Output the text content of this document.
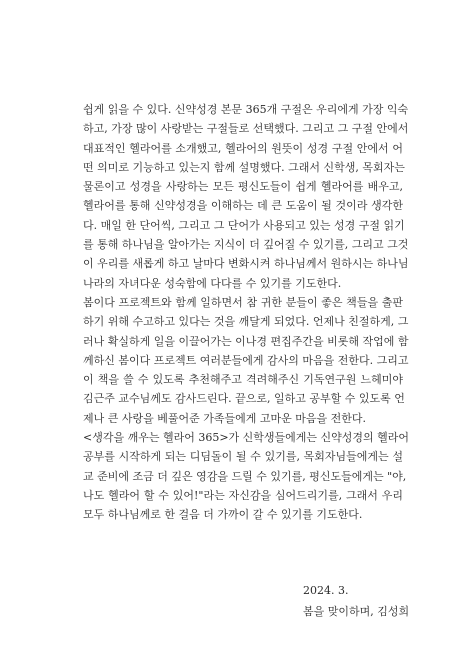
쉽게 읽을 수 있다. 신약성경 본문 365개 구절은 우리에게 가장 익숙
하고, 가장 많이 사랑받는 구절들로 선택했다. 그리고 그 구절 안에서
대표적인 헬라어를 소개했고, 헬라어의 원뜻이 성경 구절 안에서 어
떤 의미로 기능하고 있는지 함께 설명했다. 그래서 신학생, 목회자는
물론이고 성경을 사랑하는 모든 평신도들이 쉽게 헬라어를 배우고,
헬라어를 통해 신약성경을 이해하는 데 큰 도움이 될 것이라 생각한
다. 매일 한 단어씩, 그리고 그 단어가 사용되고 있는 성경 구절 읽기
를 통해 하나님을 알아가는 지식이 더 깊어질 수 있기를, 그리고 그것
이 우리를 새롭게 하고 날마다 변화시켜 하나님께서 원하시는 하나님
나라의 자녀다운 성숙함에 다다를 수 있기를 기도한다.
봄이다 프로젝트와 함께 일하면서 참 귀한 분들이 좋은 책들을 출판
하기 위해 수고하고 있다는 것을 깨달게 되었다. 언제나 친절하게, 그
러나 확실하게 일을 이끌어가는 이나경 편집주간을 비롯해 작업에 함
께하신 봄이다 프로젝트 여러분들에게 감사의 마음을 전한다. 그리고
이 책을 쓸 수 있도록 추천해주고 격려해주신 기독연구원 느헤미야
김근주 교수님께도 감사드린다. 끝으로, 일하고 공부할 수 있도록 언
제나 큰 사랑을 베풀어준 가족들에게 고마운 마음을 전한다.
<생각을 깨우는 헬라어 365>가 신학생들에게는 신약성경의 헬라어
공부를 시작하게 되는 디딤돌이 될 수 있기를, 목회자님들에게는 설
교 준비에 조금 더 깊은 영감을 드릴 수 있기를, 평신도들에게는 "야,
나도 헬라어 할 수 있어!"라는 자신감을 심어드리기를, 그래서 우리
모두 하나님께로 한 걸음 더 가까이 갈 수 있기를 기도한다.
2024. 3.
봄을 맞이하며, 김성희
